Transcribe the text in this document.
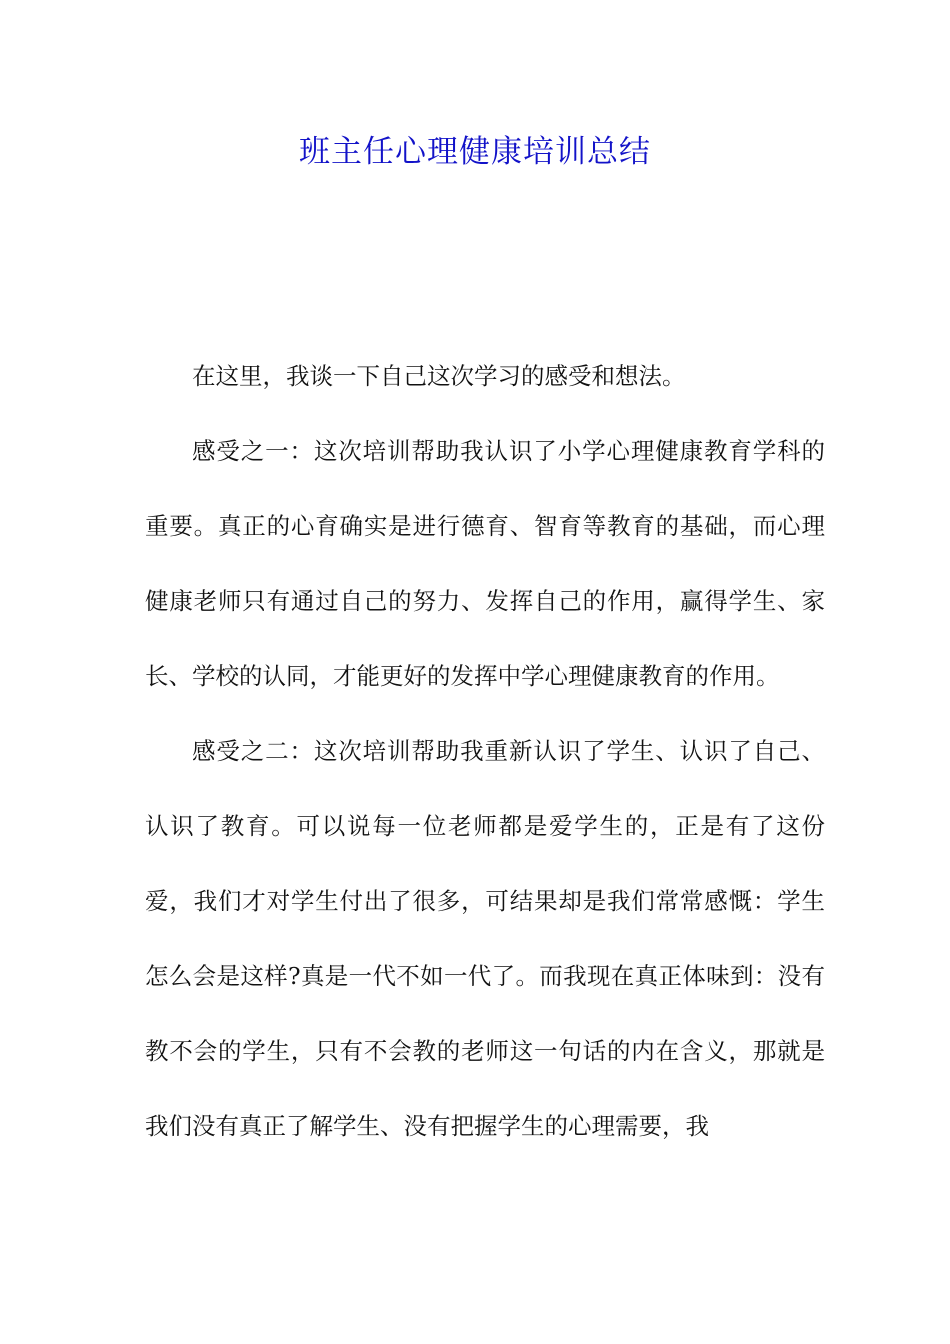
班主任心理健康培训总结

在这里，我谈一下自己这次学习的感受和想法。

感受之一：这次培训帮助我认识了小学心理健康教育学科的重要。真正的心育确实是进行德育、智育等教育的基础，而心理健康老师只有通过自己的努力、发挥自己的作用，赢得学生、家长、学校的认同，才能更好的发挥中学心理健康教育的作用。

感受之二：这次培训帮助我重新认识了学生、认识了自己、认识了教育。可以说每一位老师都是爱学生的，正是有了这份爱，我们才对学生付出了很多，可结果却是我们常常感慨：学生怎么会是这样?真是一代不如一代了。而我现在真正体味到：没有教不会的学生，只有不会教的老师这一句话的内在含义，那就是我们没有真正了解学生、没有把握学生的心理需要，我
